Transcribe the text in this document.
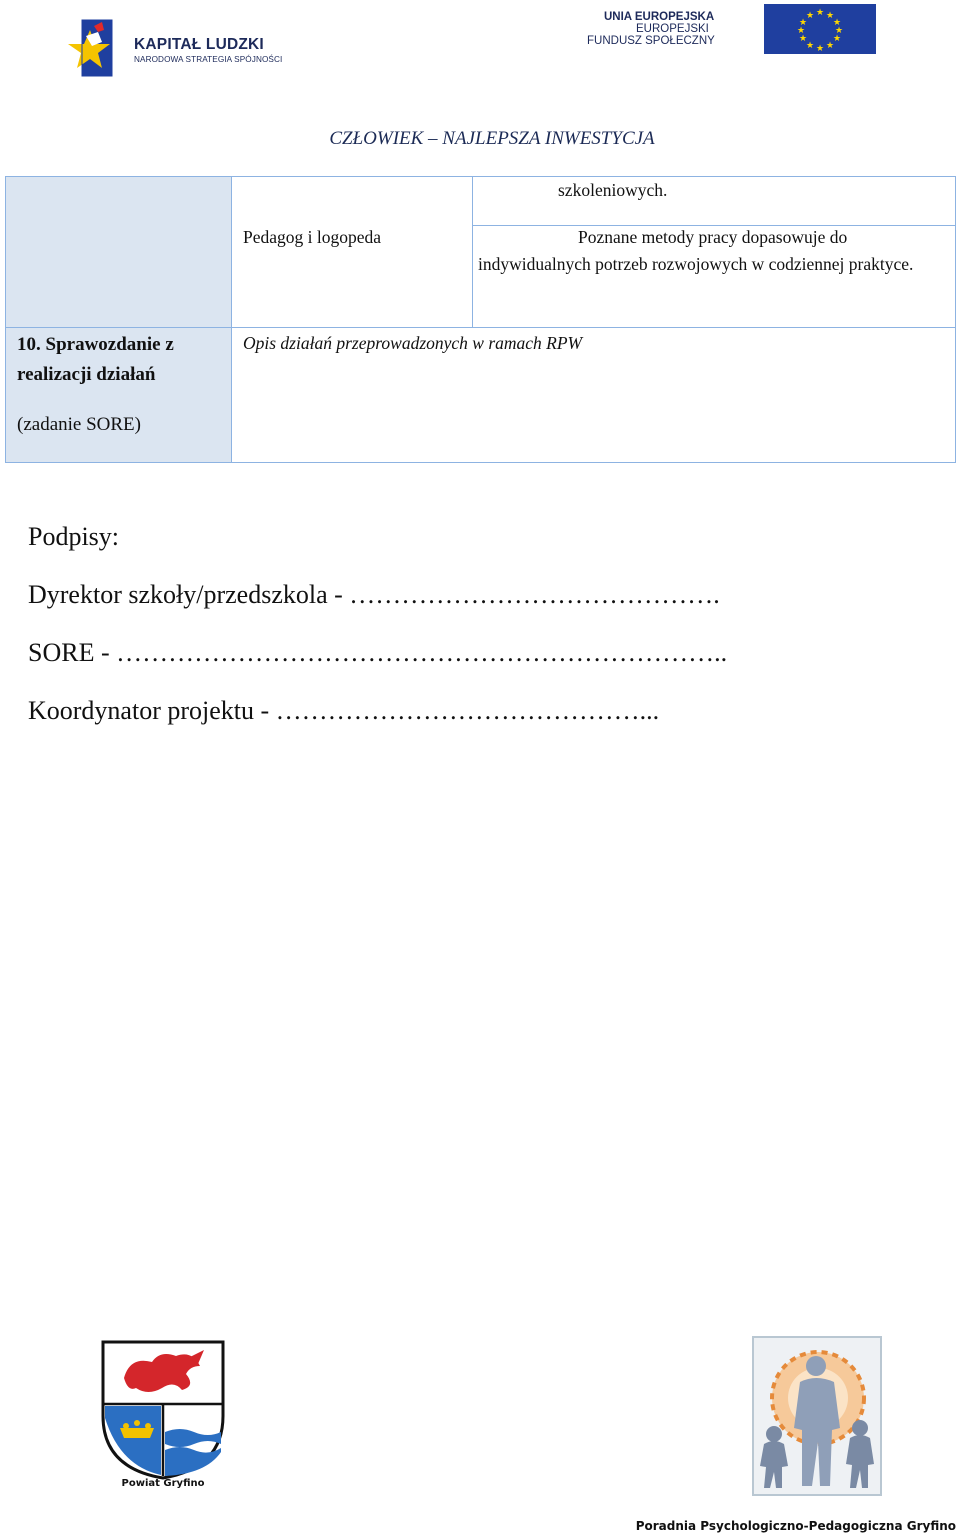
KAPITAŁ LUDZKI
NARODOWA STRATEGIA SPÓJNOŚCI
UNIA EUROPEJSKA
EUROPEJSKI
FUNDUSZ SPOŁECZNY
★ ★
★
★
★
★
★
★
★
★
★
★
CZŁOWIEK – NAJLEPSZA INWESTYCJA
Pedagog i logopeda
szkoleniowych.
Poznane metody pracy dopasowuje do indywidualnych potrzeb rozwojowych w codziennej praktyce.
10. Sprawozdanie z
realizacji działań
(zadanie SORE)
Opis działań przeprowadzonych w ramach RPW
Podpisy:
Dyrektor szkoły/przedszkola - …………………………………….
SORE - ……………………………………………………………..
Koordynator projektu - ……………………………………...
Powiat Gryfino
Poradnia Psychologiczno-Pedagogiczna Gryfino
